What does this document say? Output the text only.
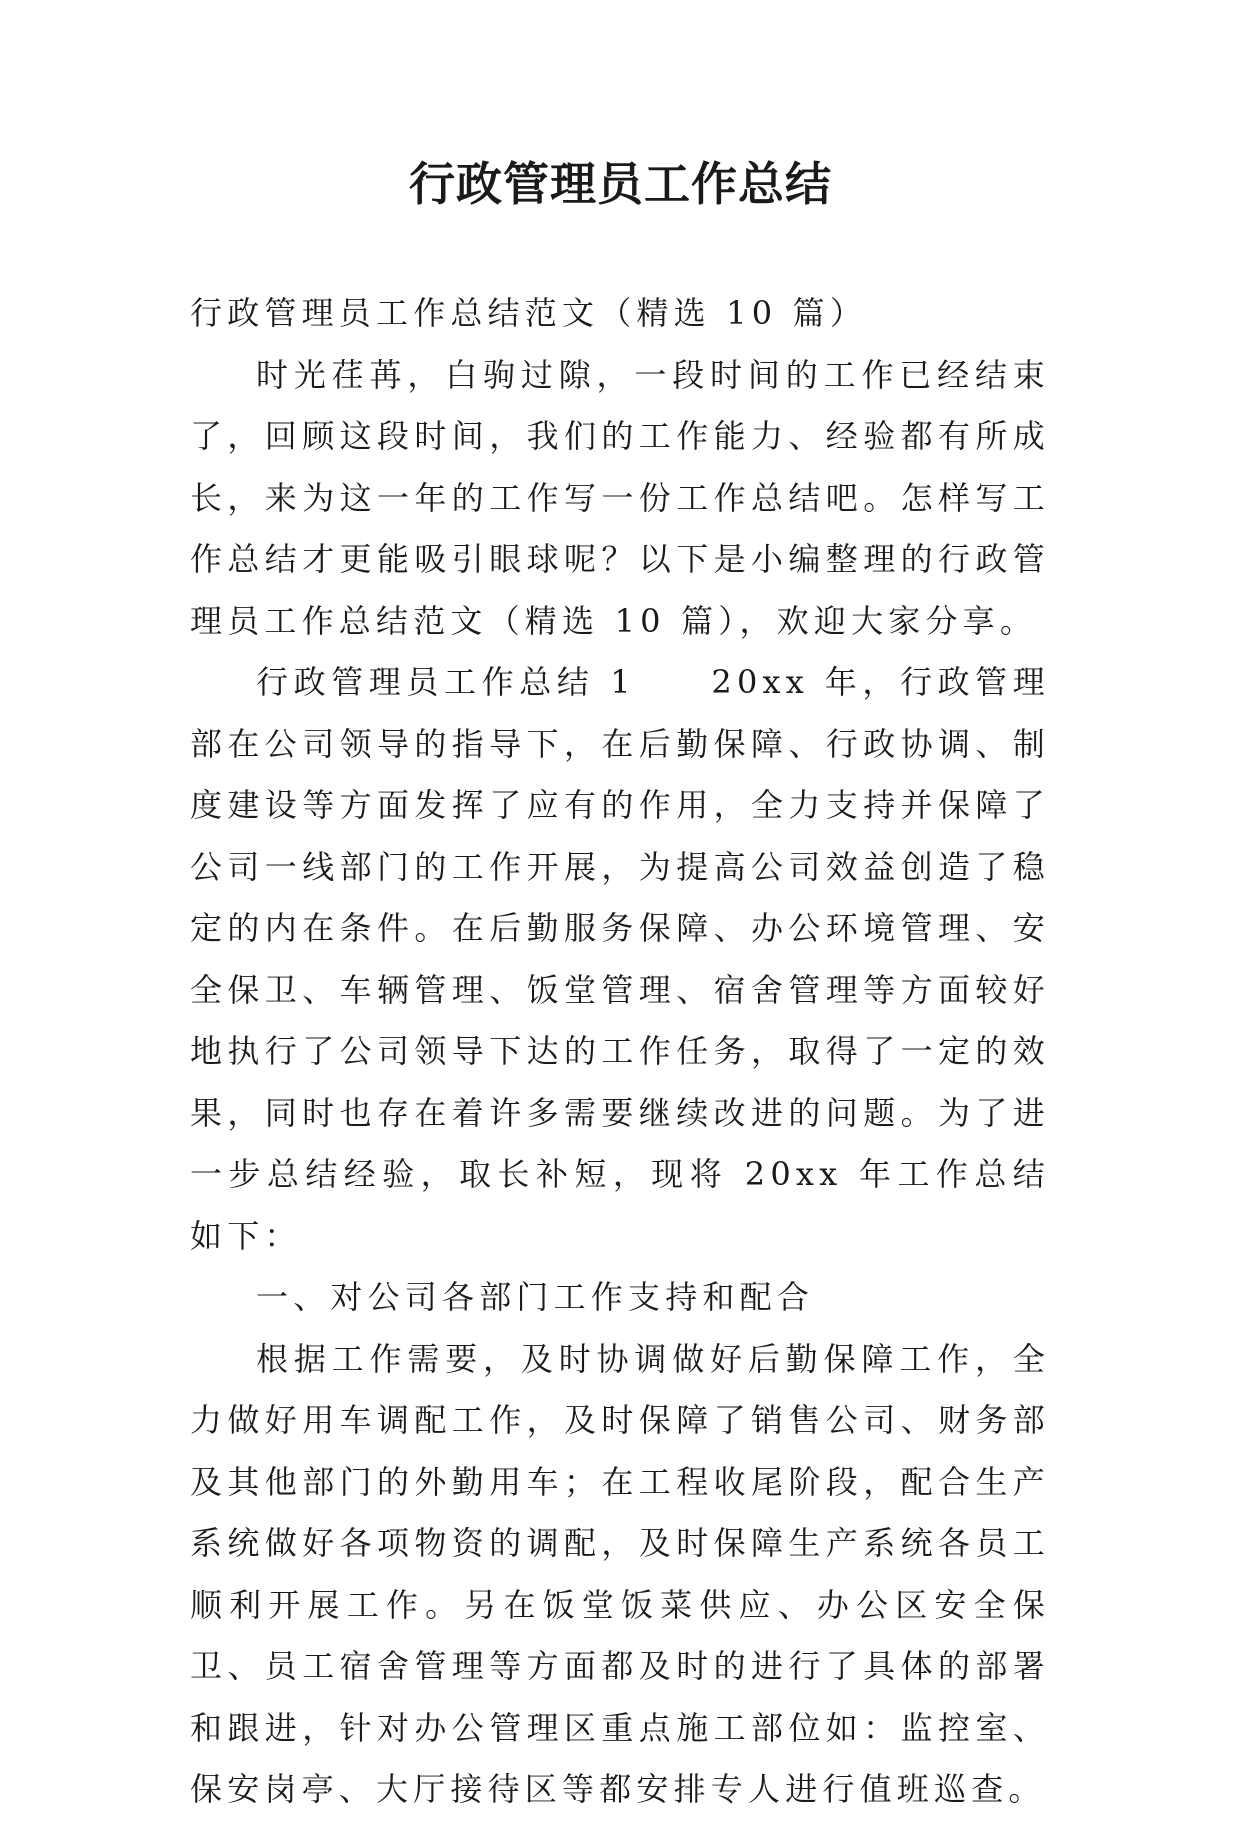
行政管理员工作总结

行政管理员工作总结范文（精选 10 篇）

时光荏苒，白驹过隙，一段时间的工作已经结束了，回顾这段时间，我们的工作能力、经验都有所成长，来为这一年的工作写一份工作总结吧。怎样写工作总结才更能吸引眼球呢？以下是小编整理的行政管理员工作总结范文（精选 10 篇），欢迎大家分享。

行政管理员工作总结 1　　20xx 年，行政管理部在公司领导的指导下，在后勤保障、行政协调、制度建设等方面发挥了应有的作用，全力支持并保障了公司一线部门的工作开展，为提高公司效益创造了稳定的内在条件。在后勤服务保障、办公环境管理、安全保卫、车辆管理、饭堂管理、宿舍管理等方面较好地执行了公司领导下达的工作任务，取得了一定的效果，同时也存在着许多需要继续改进的问题。为了进一步总结经验，取长补短，现将 20xx 年工作总结如下：

一、对公司各部门工作支持和配合

根据工作需要，及时协调做好后勤保障工作，全力做好用车调配工作，及时保障了销售公司、财务部及其他部门的外勤用车；在工程收尾阶段，配合生产系统做好各项物资的调配，及时保障生产系统各员工顺利开展工作。另在饭堂饭菜供应、办公区安全保卫、员工宿舍管理等方面都及时的进行了具体的部署和跟进，针对办公管理区重点施工部位如：监控室、保安岗亭、大厅接待区等都安排专人进行值班巡查。
